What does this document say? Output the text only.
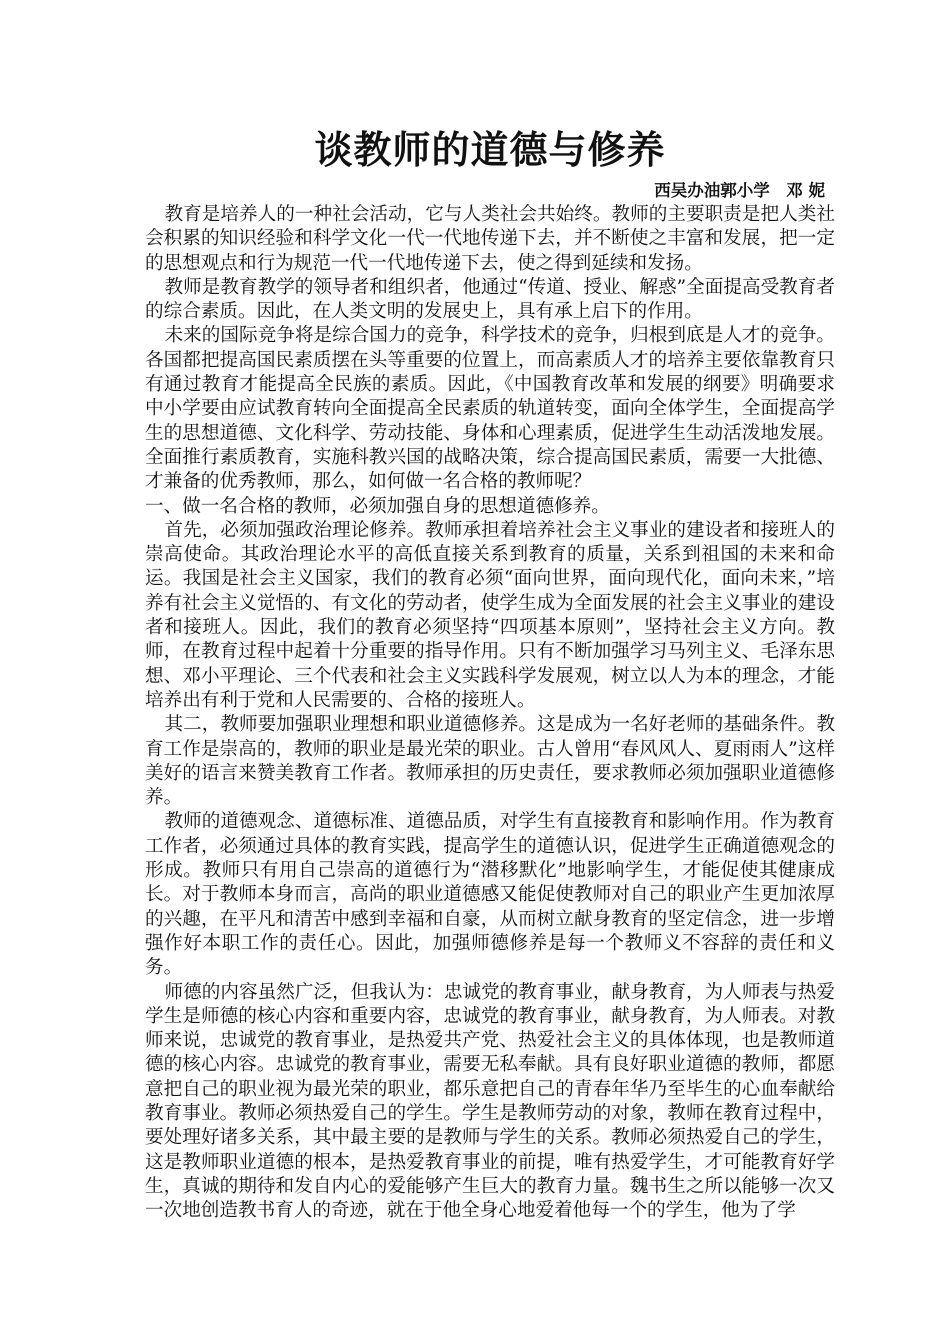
谈教师的道德与修养
西吴办油郭小学　邓 妮

教育是培养人的一种社会活动，它与人类社会共始终。教师的主要职责是把人类社会积累的知识经验和科学文化一代一代地传递下去，并不断使之丰富和发展，把一定的思想观点和行为规范一代一代地传递下去，使之得到延续和发扬。

教师是教育教学的领导者和组织者，他通过“传道、授业、解惑”全面提高受教育者的综合素质。因此，在人类文明的发展史上，具有承上启下的作用。

未来的国际竞争将是综合国力的竞争，科学技术的竞争，归根到底是人才的竞争。各国都把提高国民素质摆在头等重要的位置上，而高素质人才的培养主要依靠教育只有通过教育才能提高全民族的素质。因此，《中国教育改革和发展的纲要》明确要求中小学要由应试教育转向全面提高全民素质的轨道转变，面向全体学生，全面提高学生的思想道德、文化科学、劳动技能、身体和心理素质，促进学生生动活泼地发展。全面推行素质教育，实施科教兴国的战略决策，综合提高国民素质，需要一大批德、才兼备的优秀教师，那么，如何做一名合格的教师呢？

一、做一名合格的教师，必须加强自身的思想道德修养。

首先，必须加强政治理论修养。教师承担着培养社会主义事业的建设者和接班人的崇高使命。其政治理论水平的高低直接关系到教育的质量，关系到祖国的未来和命运。我国是社会主义国家，我们的教育必须“面向世界，面向现代化，面向未来，”培养有社会主义觉悟的、有文化的劳动者，使学生成为全面发展的社会主义事业的建设者和接班人。因此，我们的教育必须坚持“四项基本原则”，坚持社会主义方向。教师，在教育过程中起着十分重要的指导作用。只有不断加强学习马列主义、毛泽东思想、邓小平理论、三个代表和社会主义实践科学发展观，树立以人为本的理念，才能培养出有利于党和人民需要的、合格的接班人。

其二，教师要加强职业理想和职业道德修养。这是成为一名好老师的基础条件。教育工作是崇高的，教师的职业是最光荣的职业。古人曾用“春风风人、夏雨雨人”这样美好的语言来赞美教育工作者。教师承担的历史责任，要求教师必须加强职业道德修养。

教师的道德观念、道德标准、道德品质，对学生有直接教育和影响作用。作为教育工作者，必须通过具体的教育实践，提高学生的道德认识，促进学生正确道德观念的形成。教师只有用自己崇高的道德行为“潜移默化”地影响学生，才能促使其健康成长。对于教师本身而言，高尚的职业道德感又能促使教师对自己的职业产生更加浓厚的兴趣，在平凡和清苦中感到幸福和自豪，从而树立献身教育的坚定信念，进一步增强作好本职工作的责任心。因此，加强师德修养是每一个教师义不容辞的责任和义务。

师德的内容虽然广泛，但我认为：忠诚党的教育事业，献身教育，为人师表与热爱学生是师德的核心内容和重要内容，忠诚党的教育事业，献身教育，为人师表。对教师来说，忠诚党的教育事业，是热爱共产党、热爱社会主义的具体体现，也是教师道德的核心内容。忠诚党的教育事业，需要无私奉献。具有良好职业道德的教师，都愿意把自己的职业视为最光荣的职业，都乐意把自己的青春年华乃至毕生的心血奉献给教育事业。教师必须热爱自己的学生。学生是教师劳动的对象，教师在教育过程中，要处理好诸多关系，其中最主要的是教师与学生的关系。教师必须热爱自己的学生，这是教师职业道德的根本，是热爱教育事业的前提，唯有热爱学生，才可能教育好学生，真诚的期待和发自内心的爱能够产生巨大的教育力量。魏书生之所以能够一次又一次地创造教书育人的奇迹，就在于他全身心地爱着他每一个的学生，他为了学
